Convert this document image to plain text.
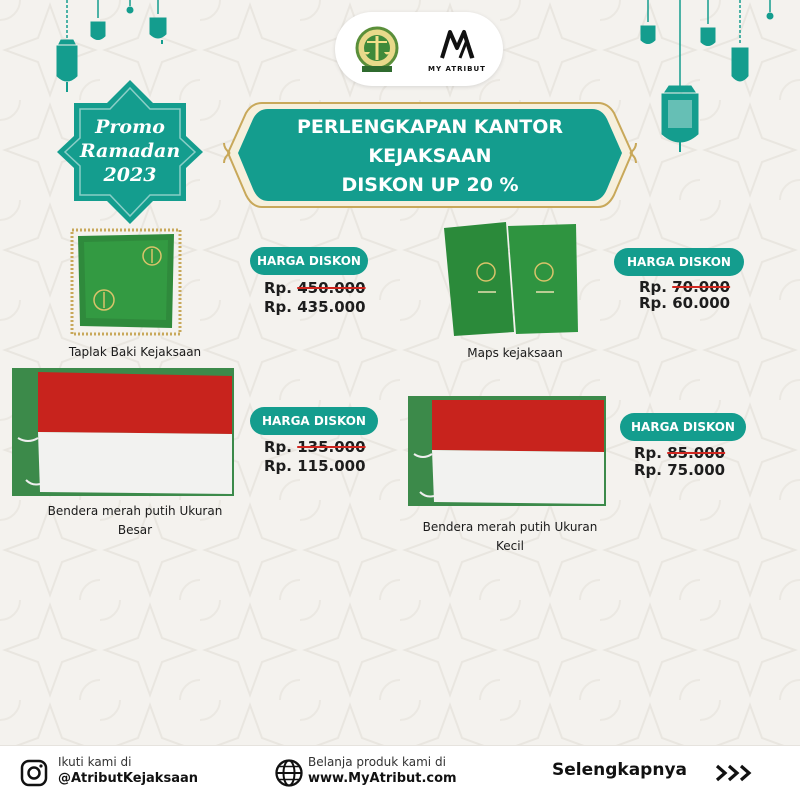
MY ATRIBUT
Promo
Ramadan
2023
PERLENGKAPAN KANTOR
KEJAKSAAN
DISKON UP 20 %
HARGA DISKON
Rp. 450.000
Rp. 435.000
Taplak Baki Kejaksaan
HARGA DISKON
Rp. 70.000
Rp. 60.000
Maps kejaksaan
HARGA DISKON
Rp. 135.000
Rp. 115.000
Bendera merah putih Ukuran
Besar
HARGA DISKON
Rp. 85.000
Rp. 75.000
Bendera merah putih Ukuran
Kecil
Ikuti kami di
@AtributKejaksaan
Belanja produk kami di
www.MyAtribut.com	Selengkapnya
